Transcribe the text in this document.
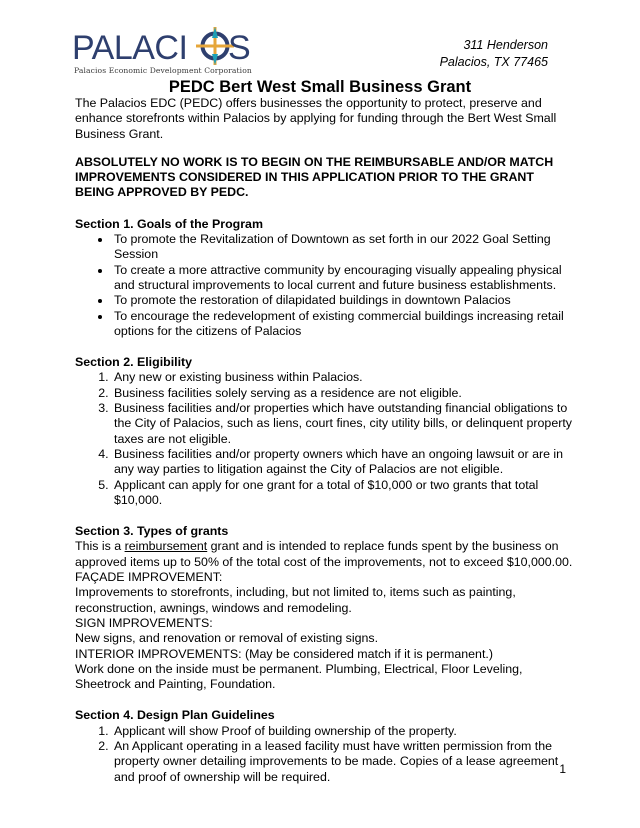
PALACI S
Palacios Economic Development Corporation
311 Henderson
Palacios, TX 77465
PEDC Bert West Small Business Grant

The Palacios EDC (PEDC) offers businesses the opportunity to protect, preserve and enhance storefronts within Palacios by applying for funding through the Bert West Small Business Grant.

ABSOLUTELY NO WORK IS TO BEGIN ON THE REIMBURSABLE AND/OR MATCH IMPROVEMENTS CONSIDERED IN THIS APPLICATION PRIOR TO THE GRANT BEING APPROVED BY PEDC.

Section 1. Goals of the Program

• To promote the Revitalization of Downtown as set forth in our 2022 Goal Setting Session
• To create a more attractive community by encouraging visually appealing physical and structural improvements to local current and future business establishments.
• To promote the restoration of dilapidated buildings in downtown Palacios
• To encourage the redevelopment of existing commercial buildings increasing retail options for the citizens of Palacios

Section 2. Eligibility

1. Any new or existing business within Palacios.
2. Business facilities solely serving as a residence are not eligible.
3. Business facilities and/or properties which have outstanding financial obligations to the City of Palacios, such as liens, court fines, city utility bills, or delinquent property taxes are not eligible.
4. Business facilities and/or property owners which have an ongoing lawsuit or are in any way parties to litigation against the City of Palacios are not eligible.
5. Applicant can apply for one grant for a total of $10,000 or two grants that total $10,000.

Section 3. Types of grants

This is a reimbursement grant and is intended to replace funds spent by the business on approved items up to 50% of the total cost of the improvements, not to exceed $10,000.00.

FAÇADE IMPROVEMENT:

Improvements to storefronts, including, but not limited to, items such as painting, reconstruction, awnings, windows and remodeling.

SIGN IMPROVEMENTS:

New signs, and renovation or removal of existing signs.

INTERIOR IMPROVEMENTS: (May be considered match if it is permanent.)

Work done on the inside must be permanent. Plumbing, Electrical, Floor Leveling, Sheetrock and Painting, Foundation.

Section 4. Design Plan Guidelines

1. Applicant will show Proof of building ownership of the property.
2. An Applicant operating in a leased facility must have written permission from the property owner detailing improvements to be made. Copies of a lease agreement and proof of ownership will be required.
1
